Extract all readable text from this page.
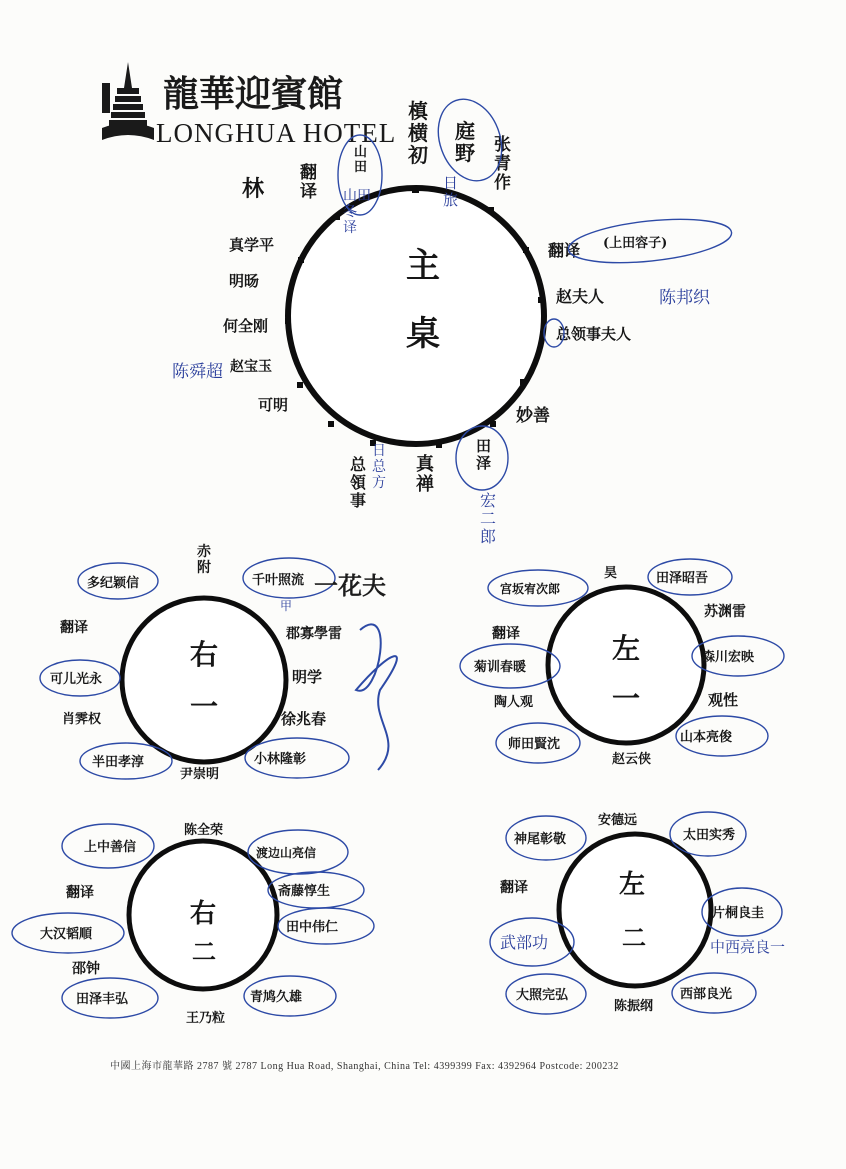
龍華迎賓館
LONGHUA HOTEL
主
桌
槙横初
庭野 张青作
翻译
赵夫人
总领事夫人
妙善
田泽
真禅
总領事
可明
赵宝玉
何全刚
明旸
真学平
翻译
山田
日旅
山田冬译
(上田容子)
陈邦织
陈舜超
日总方
宏二郎
林
右
一
赤附
千叶照流
郡寡學雷
明学
徐兆春
小林隆彰
尹崇明
半田孝淳
肖霁权
可儿光永
翻译
多纪颖信	一花夫
甲
左
一
昊	田泽昭吾
苏渊雷
森川宏映
观性
山本亮俊
赵云侠
师田賢沈
陶人观
菊训春暖
翻译
宫坂宥次郎
右
二
陈全荣
渡边山亮信
斋藤惇生
田中伟仁
青鸠久雄
王乃粒
田泽丰弘
邵钟
大汉韬順
翻译
上中善信
左
二
安德远
太田实秀
片桐良圭
西部良光
陈振纲
大照完弘
翻译
神尾彰敬
武部功	中西亮良一
中國上海市龍華路 2787 號 2787 Long Hua Road, Shanghai, China Tel: 4399399 Fax: 4392964 Postcode: 200232
